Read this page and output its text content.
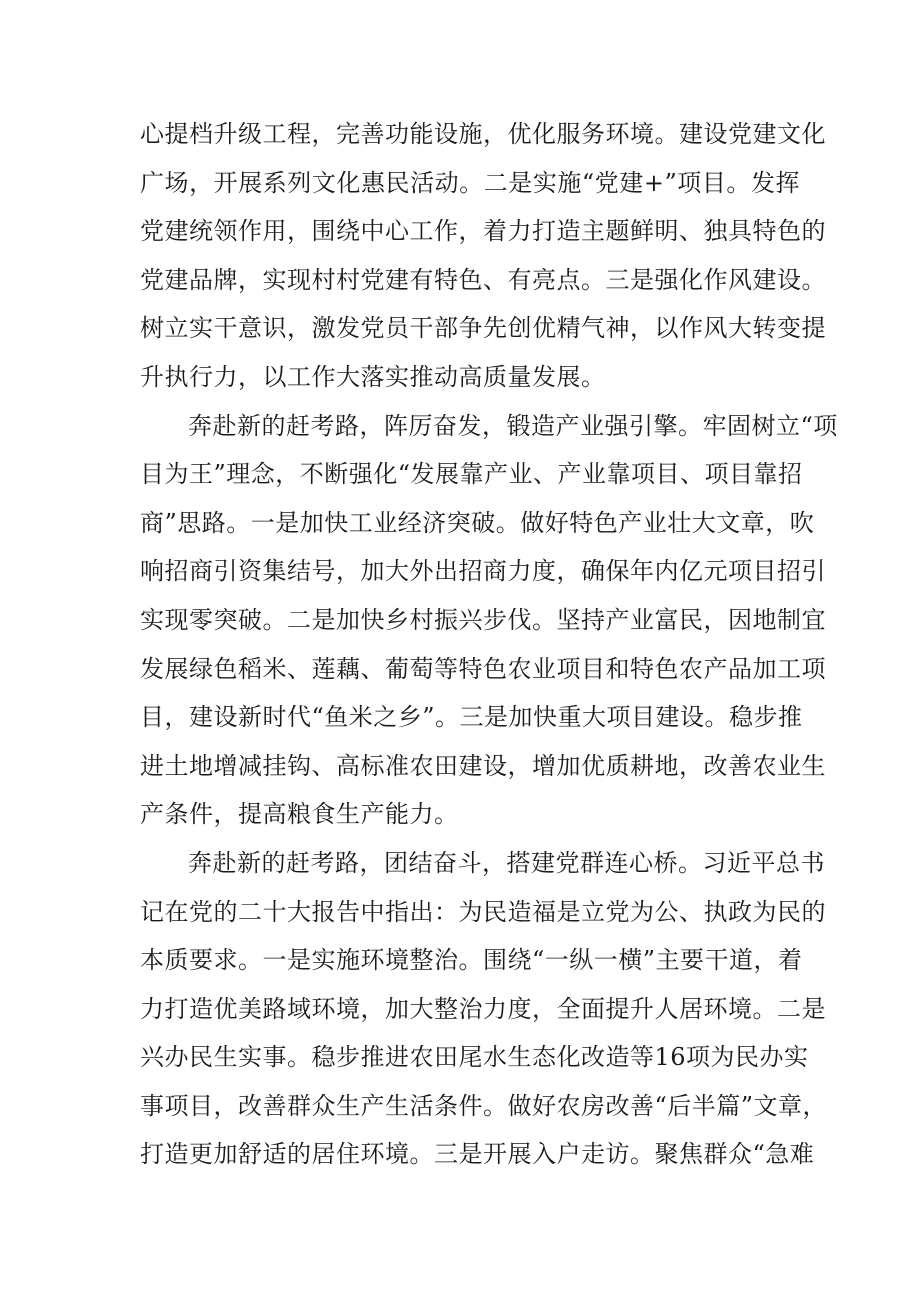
心提档升级工程，完善功能设施，优化服务环境。建设党建文化
广场，开展系列文化惠民活动。二是实施“党建+”项目。发挥
党建统领作用，围绕中心工作，着力打造主题鲜明、独具特色的
党建品牌，实现村村党建有特色、有亮点。三是强化作风建设。
树立实干意识，激发党员干部争先创优精气神，以作风大转变提
升执行力，以工作大落实推动高质量发展。
奔赴新的赶考路，阵厉奋发，锻造产业强引擎。牢固树立“项
目为王”理念，不断强化“发展靠产业、产业靠项目、项目靠招
商”思路。一是加快工业经济突破。做好特色产业壮大文章，吹
响招商引资集结号，加大外出招商力度，确保年内亿元项目招引
实现零突破。二是加快乡村振兴步伐。坚持产业富民，因地制宜
发展绿色稻米、莲藕、葡萄等特色农业项目和特色农产品加工项
目，建设新时代“鱼米之乡”。三是加快重大项目建设。稳步推
进土地增减挂钩、高标准农田建设，增加优质耕地，改善农业生
产条件，提高粮食生产能力。
奔赴新的赶考路，团结奋斗，搭建党群连心桥。习近平总书
记在党的二十大报告中指出：为民造福是立党为公、执政为民的
本质要求。一是实施环境整治。围绕“一纵一横”主要干道，着
力打造优美路域环境，加大整治力度，全面提升人居环境。二是
兴办民生实事。稳步推进农田尾水生态化改造等16项为民办实
事项目，改善群众生产生活条件。做好农房改善“后半篇”文章，
打造更加舒适的居住环境。三是开展入户走访。聚焦群众“急难
